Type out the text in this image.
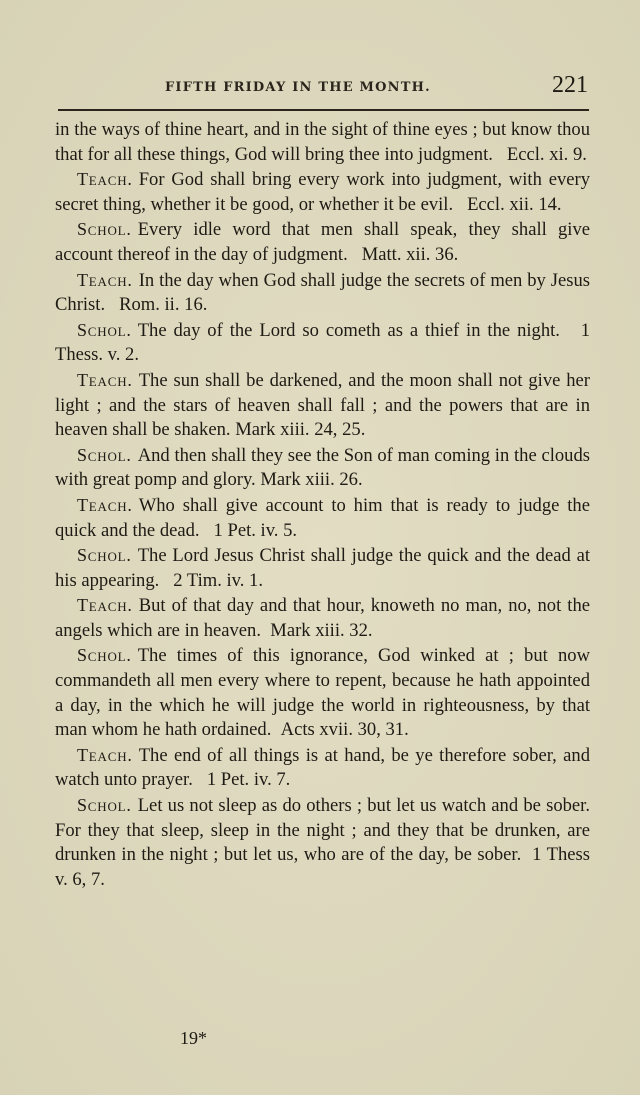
FIFTH FRIDAY IN THE MONTH.	221

in the ways of thine heart, and in the sight of thine eyes ; but know thou that for all these things, God will bring thee into judgment. Eccl. xi. 9.

Teach. For God shall bring every work into judgment, with every secret thing, whether it be good, or whether it be evil. Eccl. xii. 14.

Schol. Every idle word that men shall speak, they shall give account thereof in the day of judgment. Matt. xii. 36.

Teach. In the day when God shall judge the secrets of men by Jesus Christ. Rom. ii. 16.

Schol. The day of the Lord so cometh as a thief in the night. 1 Thess. v. 2.

Teach. The sun shall be darkened, and the moon shall not give her light ; and the stars of heaven shall fall ; and the powers that are in heaven shall be shaken. Mark xiii. 24, 25.

Schol. And then shall they see the Son of man coming in the clouds with great pomp and glory. Mark xiii. 26.

Teach. Who shall give account to him that is ready to judge the quick and the dead. 1 Pet. iv. 5.

Schol. The Lord Jesus Christ shall judge the quick and the dead at his appearing. 2 Tim. iv. 1.

Teach. But of that day and that hour, knoweth no man, no, not the angels which are in heaven. Mark xiii. 32.

Schol. The times of this ignorance, God winked at ; but now commandeth all men every where to repent, because he hath appointed a day, in the which he will judge the world in righteousness, by that man whom he hath ordained. Acts xvii. 30, 31.

Teach. The end of all things is at hand, be ye therefore sober, and watch unto prayer. 1 Pet. iv. 7.

Schol. Let us not sleep as do others ; but let us watch and be sober. For they that sleep, sleep in the night ; and they that be drunken, are drunken in the night ; but let us, who are of the day, be sober. 1 Thess v. 6, 7.

19*
